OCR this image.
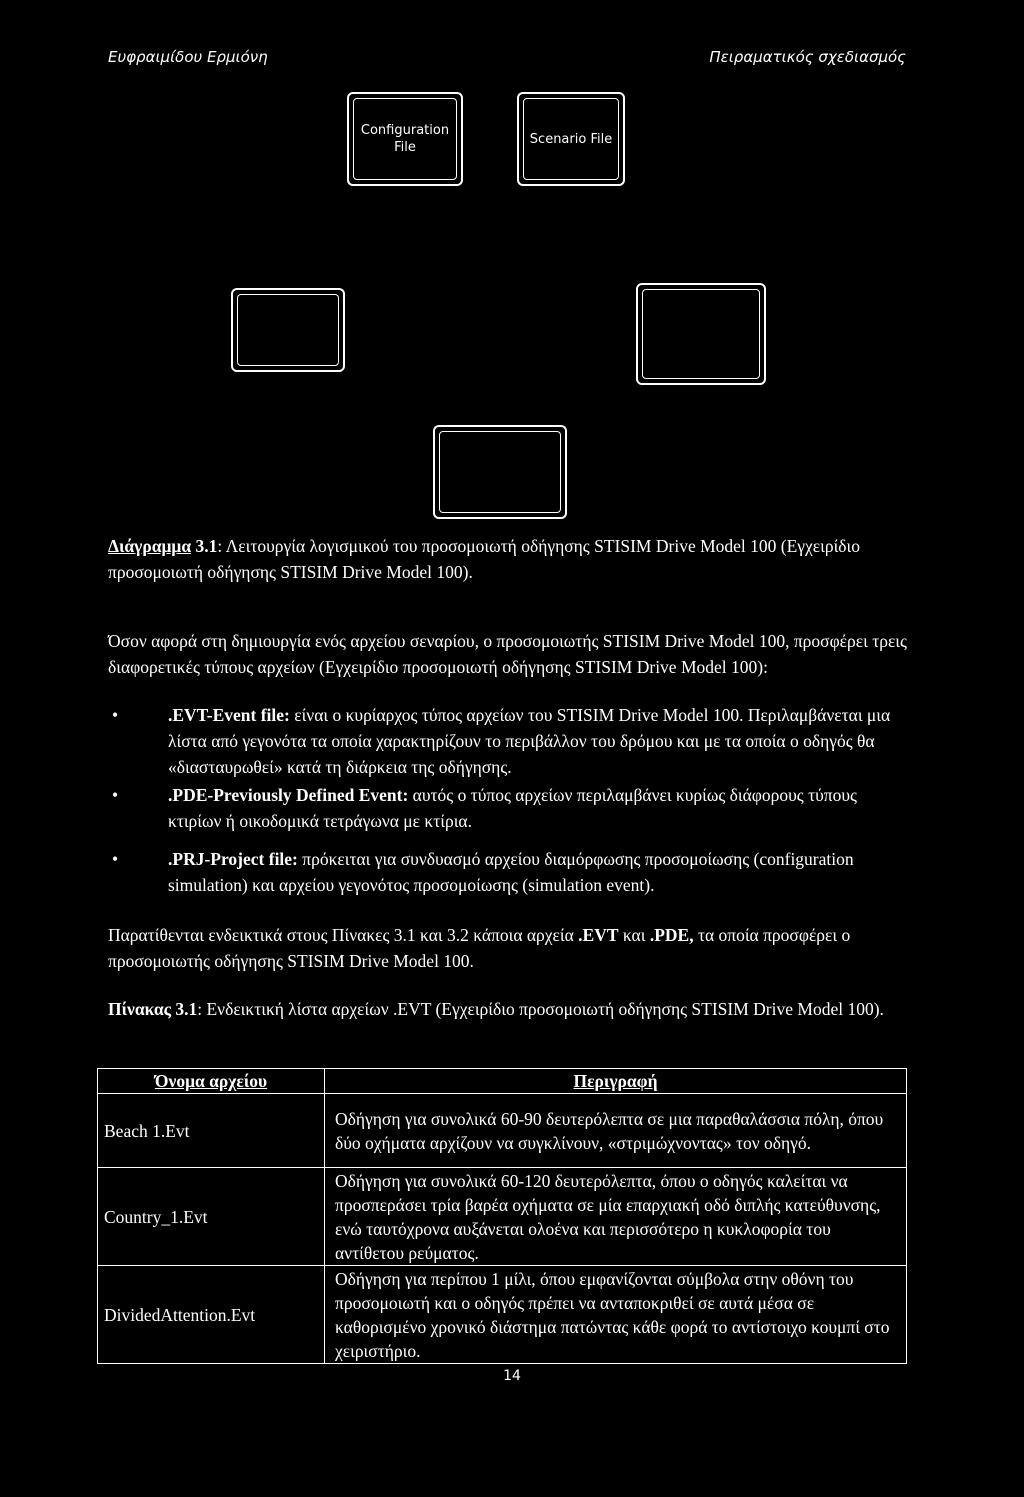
Ευφραιμίδου Ερμιόνη	Πειραματικός σχεδιασμός
Configuration File
Scenario File

Διάγραμμα 3.1: Λειτουργία λογισμικού του προσομοιωτή οδήγησης STISIM Drive Model 100 (Εγχειρίδιο προσομοιωτή οδήγησης STISIM Drive Model 100).

Όσον αφορά στη δημιουργία ενός αρχείου σεναρίου, ο προσομοιωτής STISIM Drive Model 100, προσφέρει τρεις διαφορετικές τύπους αρχείων (Εγχειρίδιο προσομοιωτή οδήγησης STISIM Drive Model 100):

•	.EVT-Event file: είναι ο κυρίαρχος τύπος αρχείων του STISIM Drive Model 100. Περιλαμβάνεται μια λίστα από γεγονότα τα οποία χαρακτηρίζουν το περιβάλλον του δρόμου και με τα οποία ο οδηγός θα «διασταυρωθεί» κατά τη διάρκεια της οδήγησης.
•	.PDE-Previously Defined Event: αυτός ο τύπος αρχείων περιλαμβάνει κυρίως διάφορους τύπους κτιρίων ή οικοδομικά τετράγωνα με κτίρια.
•	.PRJ-Project file: πρόκειται για συνδυασμό αρχείου διαμόρφωσης προσομοίωσης (configuration simulation) και αρχείου γεγονότος προσομοίωσης (simulation event).

Παρατίθενται ενδεικτικά στους Πίνακες 3.1 και 3.2 κάποια αρχεία .EVT και .PDE, τα οποία προσφέρει ο προσομοιωτής οδήγησης STISIM Drive Model 100.

Πίνακας 3.1: Ενδεικτική λίστα αρχείων .EVT (Εγχειρίδιο προσομοιωτή οδήγησης STISIM Drive Model 100).

Όνομα αρχείου	Περιγραφή
Beach 1.Evt	Οδήγηση για συνολικά 60-90 δευτερόλεπτα σε μια παραθαλάσσια πόλη, όπου δύο οχήματα αρχίζουν να συγκλίνουν, «στριμώχνοντας» τον οδηγό.
Country_1.Evt	Οδήγηση για συνολικά 60-120 δευτερόλεπτα, όπου ο οδηγός καλείται να προσπεράσει τρία βαρέα οχήματα σε μία επαρχιακή οδό διπλής κατεύθυνσης, ενώ ταυτόχρονα αυξάνεται ολοένα και περισσότερο η κυκλοφορία του αντίθετου ρεύματος.
DividedAttention.Evt	Οδήγηση για περίπου 1 μίλι, όπου εμφανίζονται σύμβολα στην οθόνη του προσομοιωτή και ο οδηγός πρέπει να ανταποκριθεί σε αυτά μέσα σε καθορισμένο χρονικό διάστημα πατώντας κάθε φορά το αντίστοιχο κουμπί στο χειριστήριο.
14
